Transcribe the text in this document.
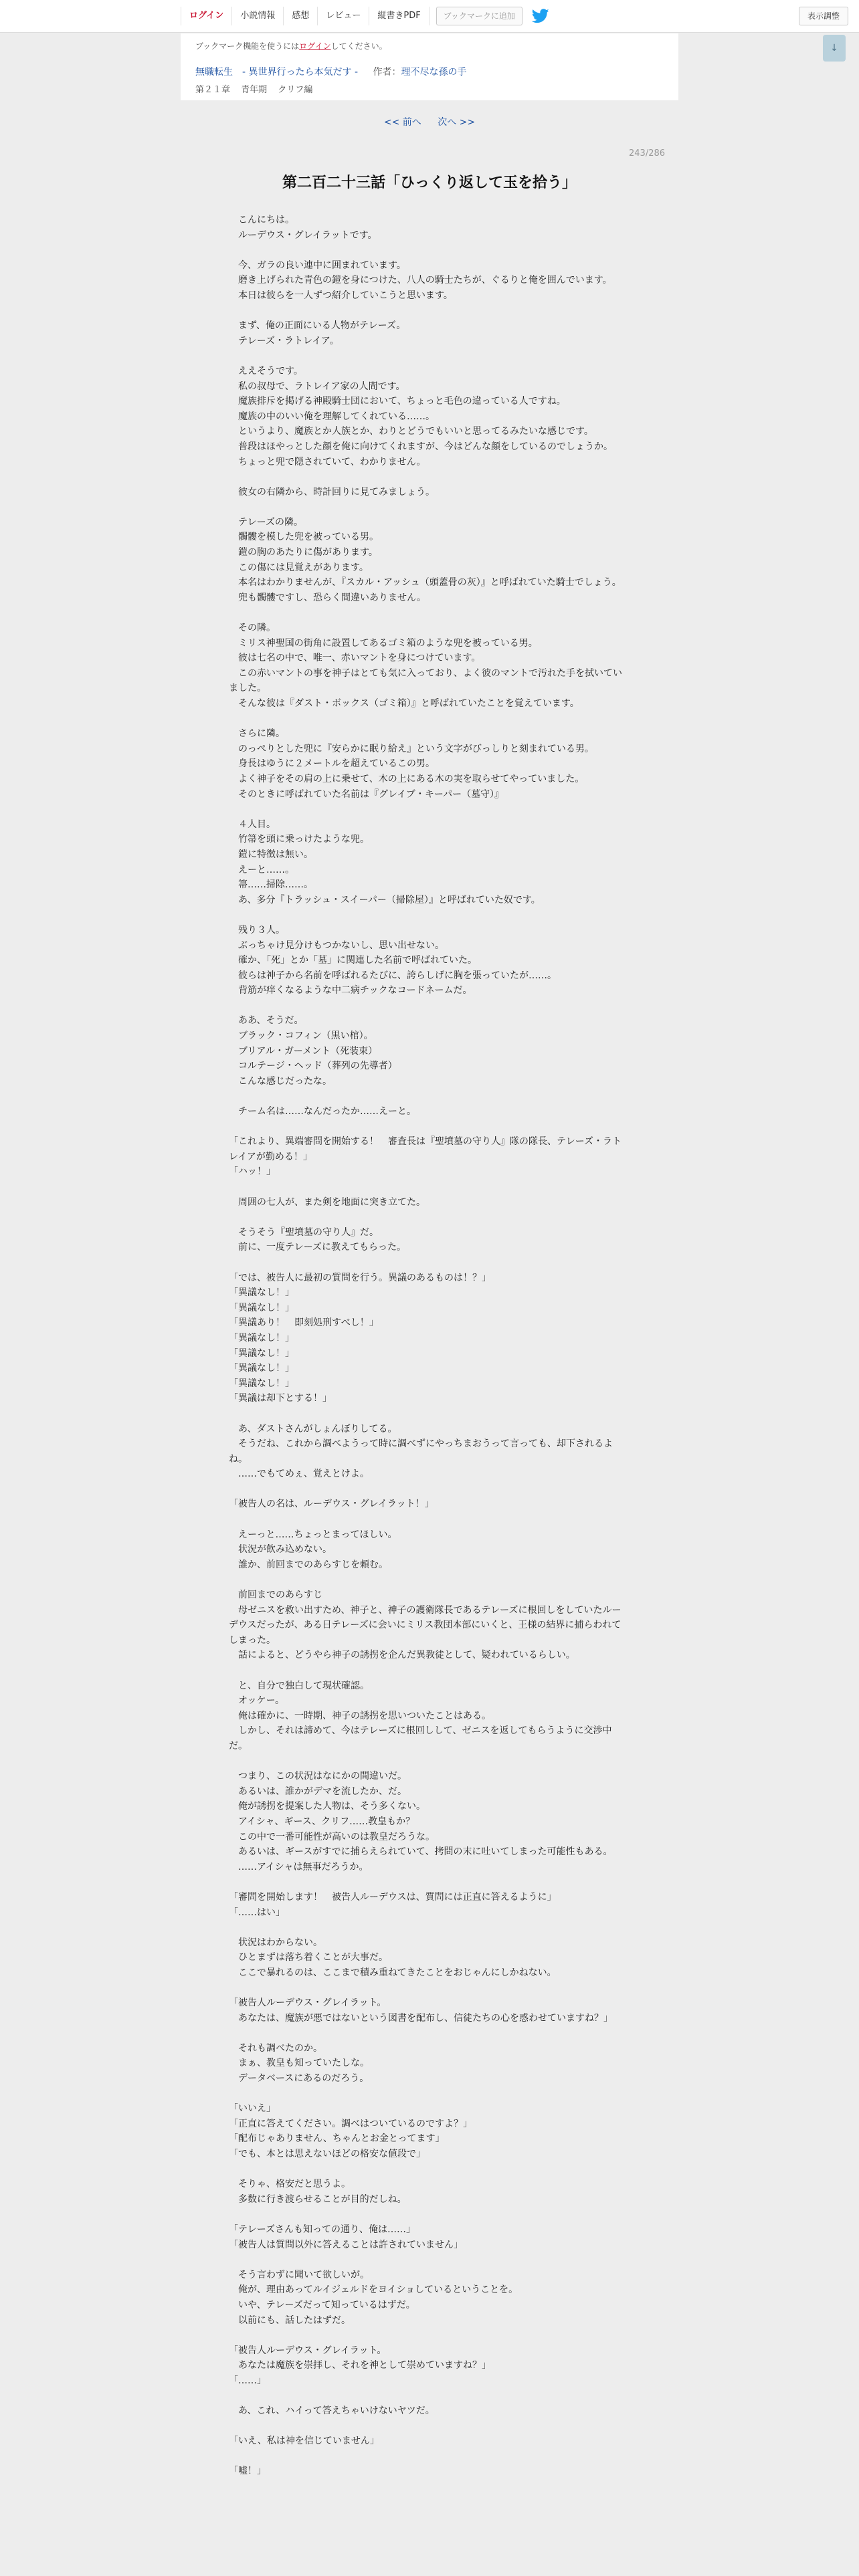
ログイン	小説情報	感想	レビュー	縦書きPDF	ブックマークに追加	表示調整
↓
ブックマーク機能を使うにはログインしてください。
無職転生　- 異世界行ったら本気だす - 作者：理不尽な孫の手
第２１章 青年期 クリフ編
<< 前へ 次へ >>
243/286
第二百二十三話「ひっくり返して玉を拾う」

　こんにちは。

　ルーデウス・グレイラットです。

　今、ガラの良い連中に囲まれています。

　磨き上げられた青色の鎧を身につけた、八人の騎士たちが、ぐるりと俺を囲んでいます。

　本日は彼らを一人ずつ紹介していこうと思います。

　まず、俺の正面にいる人物がテレーズ。

　テレーズ・ラトレイア。

　ええそうです。

　私の叔母で、ラトレイア家の人間です。

　魔族排斥を掲げる神殿騎士団において、ちょっと毛色の違っている人ですね。

　魔族の中のいい俺を理解してくれている……。

　というより、魔族とか人族とか、わりとどうでもいいと思ってるみたいな感じです。

　普段はほやっとした顔を俺に向けてくれますが、今はどんな顔をしているのでしょうか。

　ちょっと兜で隠されていて、わかりません。

　彼女の右隣から、時計回りに見てみましょう。

　テレーズの隣。

　髑髏を模した兜を被っている男。

　鎧の胸のあたりに傷があります。

　この傷には見覚えがあります。

　本名はわかりませんが、『スカル・アッシュ（頭蓋骨の灰）』と呼ばれていた騎士でしょう。

　兜も髑髏ですし、恐らく間違いありません。

　その隣。

　ミリス神聖国の街角に設置してあるゴミ箱のような兜を被っている男。

　彼は七名の中で、唯一、赤いマントを身につけています。

　この赤いマントの事を神子はとても気に入っており、よく彼のマントで汚れた手を拭いていました。

　そんな彼は『ダスト・ボックス（ゴミ箱）』と呼ばれていたことを覚えています。

　さらに隣。

　のっぺりとした兜に『安らかに眠り給え』という文字がびっしりと刻まれている男。

　身長はゆうに２メートルを超えているこの男。

　よく神子をその肩の上に乗せて、木の上にある木の実を取らせてやっていました。

　そのときに呼ばれていた名前は『グレイブ・キーパー（墓守）』

　４人目。

　竹箒を頭に乗っけたような兜。

　鎧に特徴は無い。

　えーと……。

　箒……掃除……。

　あ、多分『トラッシュ・スイーパー（掃除屋）』と呼ばれていた奴です。

　残り３人。

　ぶっちゃけ見分けもつかないし、思い出せない。

　確か、「死」とか「墓」に関連した名前で呼ばれていた。

　彼らは神子から名前を呼ばれるたびに、誇らしげに胸を張っていたが……。

　背筋が痒くなるような中二病チックなコードネームだ。

　ああ、そうだ。

　ブラック・コフィン（黒い棺）。

　ブリアル・ガーメント（死装束）

　コルテージ・ヘッド（葬列の先導者）

　こんな感じだったな。

　チーム名は……なんだったか……えーと。

「これより、異端審問を開始する！　審査長は『聖墳墓の守り人』隊の隊長、テレーズ・ラトレイアが勤める！」

「ハッ！」

　周囲の七人が、また剣を地面に突き立てた。

　そうそう『聖墳墓の守り人』だ。

　前に、一度テレーズに教えてもらった。

「では、被告人に最初の質問を行う。異議のあるものは！？」

「異議なし！」

「異議なし！」

「異議あり！　即刻処刑すべし！」

「異議なし！」

「異議なし！」

「異議なし！」

「異議なし！」

「異議は却下とする！」

　あ、ダストさんがしょんぼりしてる。

　そうだね、これから調べようって時に調べずにやっちまおうって言っても、却下されるよね。

　……でもてめぇ、覚えとけよ。

「被告人の名は、ルーデウス・グレイラット！」

　えーっと……ちょっとまってほしい。

　状況が飲み込めない。

　誰か、前回までのあらすじを頼む。

　前回までのあらすじ

　母ゼニスを救い出すため、神子と、神子の護衛隊長であるテレーズに根回しをしていたルーデウスだったが、ある日テレーズに会いにミリス教団本部にいくと、王様の結界に捕らわれてしまった。

　話によると、どうやら神子の誘拐を企んだ異教徒として、疑われているらしい。

　と、自分で独白して現状確認。

　オッケー。

　俺は確かに、一時期、神子の誘拐を思いついたことはある。

　しかし、それは諦めて、今はテレーズに根回しして、ゼニスを返してもらうように交渉中だ。

　つまり、この状況はなにかの間違いだ。

　あるいは、誰かがデマを流したか、だ。

　俺が誘拐を提案した人物は、そう多くない。

　アイシャ、ギース、クリフ……教皇もか？

　この中で一番可能性が高いのは教皇だろうな。

　あるいは、ギースがすでに捕らえられていて、拷問の末に吐いてしまった可能性もある。

　……アイシャは無事だろうか。

「審問を開始します！　被告人ルーデウスは、質問には正直に答えるように」

「……はい」

　状況はわからない。

　ひとまずは落ち着くことが大事だ。

　ここで暴れるのは、ここまで積み重ねてきたことをおじゃんにしかねない。

「被告人ルーデウス・グレイラット。

　あなたは、魔族が悪ではないという図書を配布し、信徒たちの心を惑わせていますね？」

　それも調べたのか。

　まぁ、教皇も知っていたしな。

　データベースにあるのだろう。

「いいえ」

「正直に答えてください。調べはついているのですよ？」

「配布じゃありません、ちゃんとお金とってます」

「でも、本とは思えないほどの格安な値段で」

　そりゃ、格安だと思うよ。

　多数に行き渡らせることが目的だしね。

「テレーズさんも知っての通り、俺は……」

「被告人は質問以外に答えることは許されていません」

　そう言わずに聞いて欲しいが。

　俺が、理由あってルイジェルドをヨイショしているということを。

　いや、テレーズだって知っているはずだ。

　以前にも、話したはずだ。

「被告人ルーデウス・グレイラット。

　あなたは魔族を崇拝し、それを神として崇めていますね？」

「……」

　あ、これ、ハイって答えちゃいけないヤツだ。

「いえ、私は神を信じていません」

「嘘！」
